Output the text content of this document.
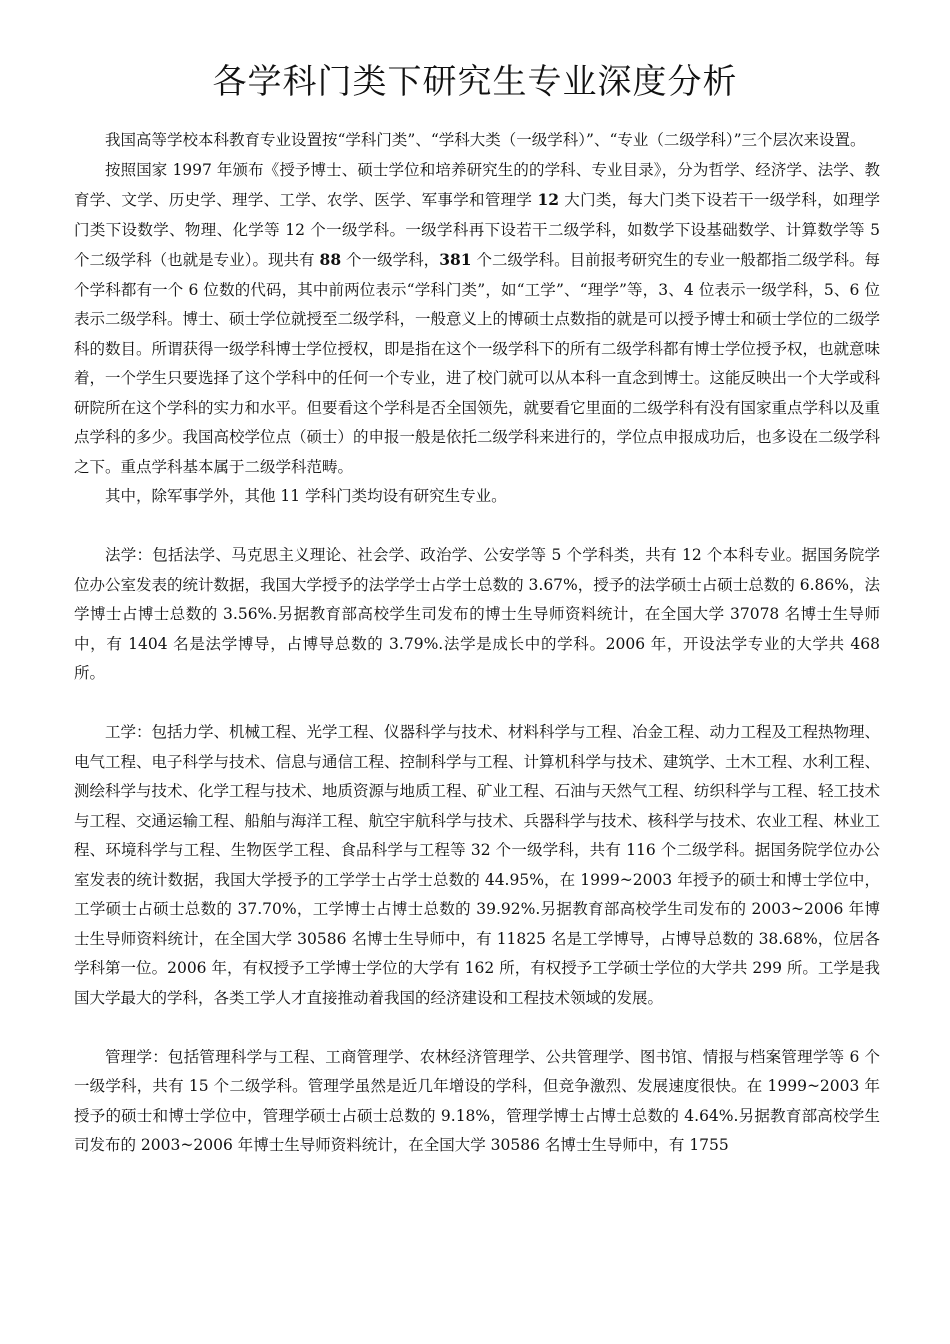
各学科门类下研究生专业深度分析

我国高等学校本科教育专业设置按“学科门类”、“学科大类（一级学科）”、“专业（二级学科）”三个层次来设置。

按照国家 1997 年颁布《授予博士、硕士学位和培养研究生的的学科、专业目录》，分为哲学、经济学、法学、教育学、文学、历史学、理学、工学、农学、医学、军事学和管理学 12 大门类，每大门类下设若干一级学科，如理学门类下设数学、物理、化学等 12 个一级学科。一级学科再下设若干二级学科，如数学下设基础数学、计算数学等 5 个二级学科（也就是专业）。现共有 88 个一级学科，381 个二级学科。目前报考研究生的专业一般都指二级学科。每个学科都有一个 6 位数的代码，其中前两位表示“学科门类”，如“工学”、“理学”等，3、4 位表示一级学科，5、6 位表示二级学科。博士、硕士学位就授至二级学科，一般意义上的博硕士点数指的就是可以授予博士和硕士学位的二级学科的数目。所谓获得一级学科博士学位授权，即是指在这个一级学科下的所有二级学科都有博士学位授予权，也就意味着，一个学生只要选择了这个学科中的任何一个专业，进了校门就可以从本科一直念到博士。这能反映出一个大学或科研院所在这个学科的实力和水平。但要看这个学科是否全国领先，就要看它里面的二级学科有没有国家重点学科以及重点学科的多少。我国高校学位点（硕士）的申报一般是依托二级学科来进行的，学位点申报成功后，也多设在二级学科之下。重点学科基本属于二级学科范畴。

其中，除军事学外，其他 11 学科门类均设有研究生专业。

法学：包括法学、马克思主义理论、社会学、政治学、公安学等 5 个学科类，共有 12 个本科专业。据国务院学位办公室发表的统计数据，我国大学授予的法学学士占学士总数的 3.67%，授予的法学硕士占硕士总数的 6.86%，法学博士占博士总数的 3.56%.另据教育部高校学生司发布的博士生导师资料统计，在全国大学 37078 名博士生导师中，有 1404 名是法学博导，占博导总数的 3.79%.法学是成长中的学科。2006 年，开设法学专业的大学共 468 所。

工学：包括力学、机械工程、光学工程、仪器科学与技术、材料科学与工程、冶金工程、动力工程及工程热物理、电气工程、电子科学与技术、信息与通信工程、控制科学与工程、计算机科学与技术、建筑学、土木工程、水利工程、测绘科学与技术、化学工程与技术、地质资源与地质工程、矿业工程、石油与天然气工程、纺织科学与工程、轻工技术与工程、交通运输工程、船舶与海洋工程、航空宇航科学与技术、兵器科学与技术、核科学与技术、农业工程、林业工程、环境科学与工程、生物医学工程、食品科学与工程等 32 个一级学科，共有 116 个二级学科。据国务院学位办公室发表的统计数据，我国大学授予的工学学士占学士总数的 44.95%，在 1999~2003 年授予的硕士和博士学位中，工学硕士占硕士总数的 37.70%，工学博士占博士总数的 39.92%.另据教育部高校学生司发布的 2003~2006 年博士生导师资料统计，在全国大学 30586 名博士生导师中，有 11825 名是工学博导，占博导总数的 38.68%，位居各学科第一位。2006 年，有权授予工学博士学位的大学有 162 所，有权授予工学硕士学位的大学共 299 所。工学是我国大学最大的学科，各类工学人才直接推动着我国的经济建设和工程技术领域的发展。

管理学：包括管理科学与工程、工商管理学、农林经济管理学、公共管理学、图书馆、情报与档案管理学等 6 个一级学科，共有 15 个二级学科。管理学虽然是近几年增设的学科，但竞争激烈、发展速度很快。在 1999~2003 年授予的硕士和博士学位中，管理学硕士占硕士总数的 9.18%，管理学博士占博士总数的 4.64%.另据教育部高校学生司发布的 2003~2006 年博士生导师资料统计，在全国大学 30586 名博士生导师中，有 1755
